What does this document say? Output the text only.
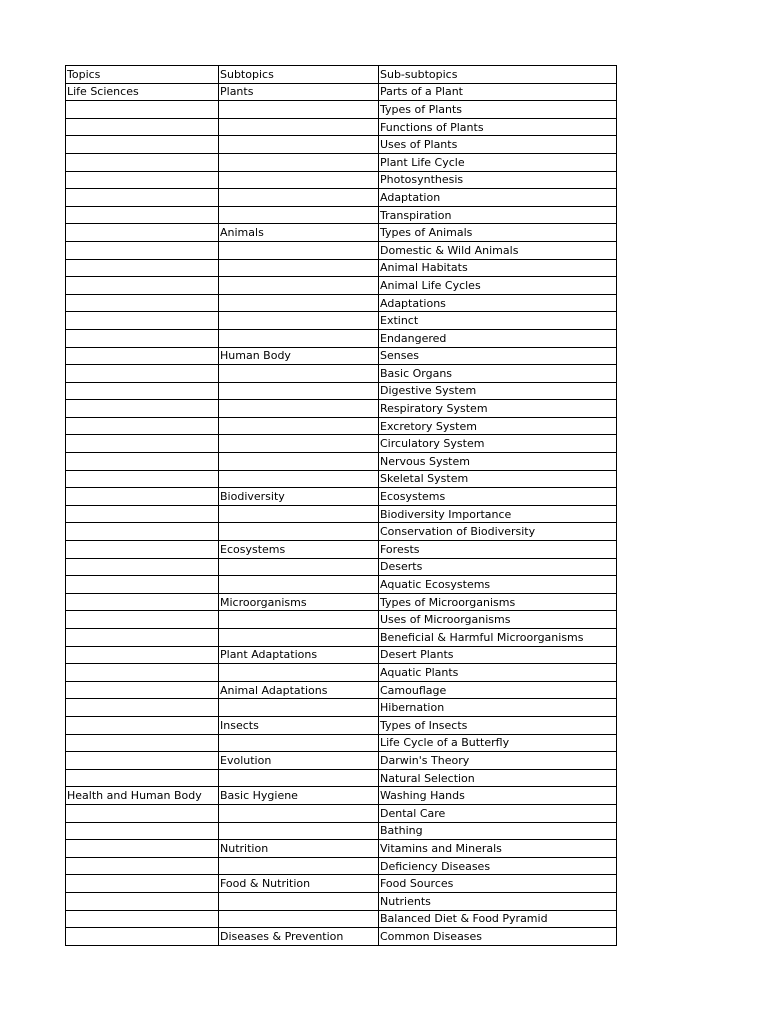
Topics	Subtopics	Sub-subtopics
Life Sciences	Plants	Parts of a Plant
		Types of Plants
		Functions of Plants
		Uses of Plants
		Plant Life Cycle
		Photosynthesis
		Adaptation
		Transpiration
	Animals	Types of Animals
		Domestic & Wild Animals
		Animal Habitats
		Animal Life Cycles
		Adaptations
		Extinct
		Endangered
	Human Body	Senses
		Basic Organs
		Digestive System
		Respiratory System
		Excretory System
		Circulatory System
		Nervous System
		Skeletal System
	Biodiversity	Ecosystems
		Biodiversity Importance
		Conservation of Biodiversity
	Ecosystems	Forests
		Deserts
		Aquatic Ecosystems
	Microorganisms	Types of Microorganisms
		Uses of Microorganisms
		Beneficial & Harmful Microorganisms
	Plant Adaptations	Desert Plants
		Aquatic Plants
	Animal Adaptations	Camouflage
		Hibernation
	Insects	Types of Insects
		Life Cycle of a Butterfly
	Evolution	Darwin's Theory
		Natural Selection
Health and Human Body	Basic Hygiene	Washing Hands
		Dental Care
		Bathing
	Nutrition	Vitamins and Minerals
		Deficiency Diseases
	Food & Nutrition	Food Sources
		Nutrients
		Balanced Diet & Food Pyramid
	Diseases & Prevention	Common Diseases
